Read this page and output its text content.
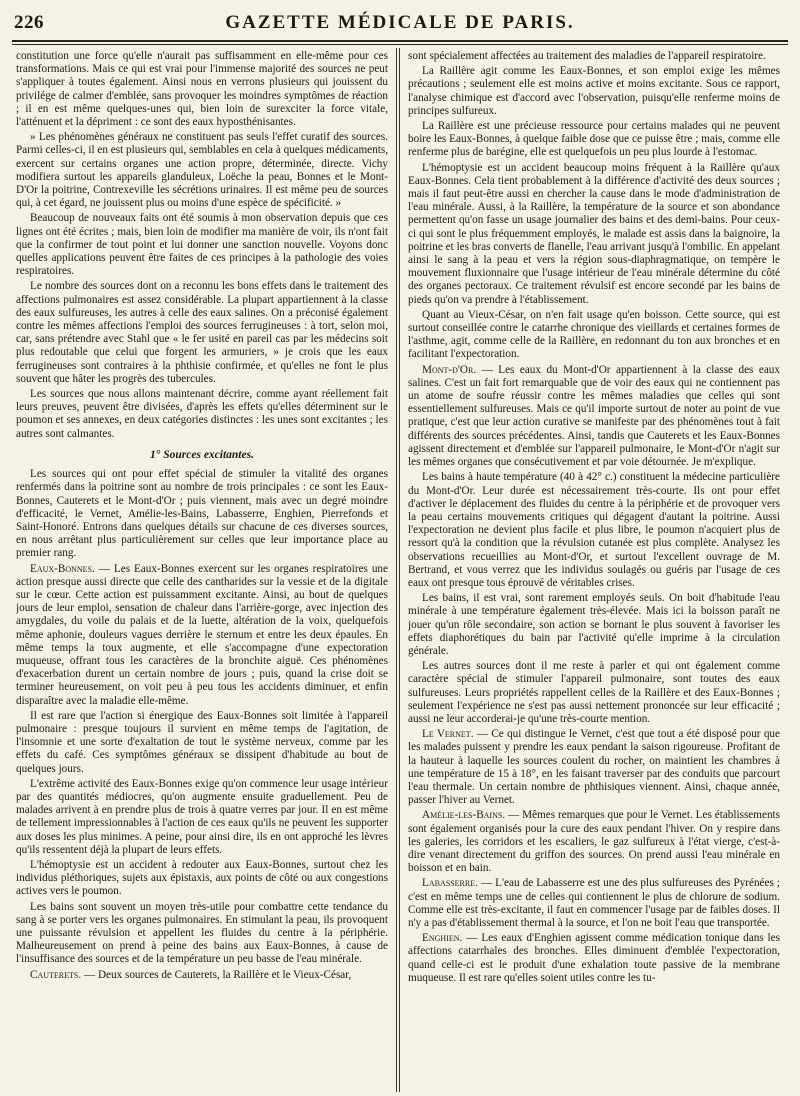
226	GAZETTE MÉDICALE DE PARIS.

constitution une force qu'elle n'aurait pas suffisamment en elle-même pour ces transformations. Mais ce qui est vrai pour l'immense majorité des sources ne peut s'appliquer à toutes également. Ainsi nous en verrons plusieurs qui jouissent du privilége de calmer d'emblée, sans provoquer les moindres symptômes de réaction ; il en est même quelques-unes qui, bien loin de surexciter la force vitale, l'atténuent et la dépriment : ce sont des eaux hyposthénisantes.

» Les phénomènes généraux ne constituent pas seuls l'effet curatif des sources. Parmi celles-ci, il en est plusieurs qui, semblables en cela à quelques médicaments, exercent sur certains organes une action propre, déterminée, directe. Vichy modifiera surtout les appareils glanduleux, Loëche la peau, Bonnes et le Mont-D'Or la poitrine, Contrexeville les sécrétions urinaires. Il est même peu de sources qui, à cet égard, ne jouissent plus ou moins d'une espèce de spécificité. »

Beaucoup de nouveaux faits ont été soumis à mon observation depuis que ces lignes ont été écrites ; mais, bien loin de modifier ma manière de voir, ils n'ont fait que la confirmer de tout point et lui donner une sanction nouvelle. Voyons donc quelles applications peuvent être faites de ces principes à la pathologie des voies respiratoires.

Le nombre des sources dont on a reconnu les bons effets dans le traitement des affections pulmonaires est assez considérable. La plupart appartiennent à la classe des eaux sulfureuses, les autres à celle des eaux salines. On a préconisé également contre les mêmes affections l'emploi des sources ferrugineuses : à tort, selon moi, car, sans prétendre avec Stahl que « le fer usité en pareil cas par les médecins soit plus redoutable que celui que forgent les armuriers, » je crois que les eaux ferrugineuses sont contraires à la phthisie confirmée, et qu'elles ne font le plus souvent que hâter les progrès des tubercules.

Les sources que nous allons maintenant décrire, comme ayant réellement fait leurs preuves, peuvent être divisées, d'après les effets qu'elles déterminent sur le poumon et ses annexes, en deux catégories distinctes : les unes sont excitantes ; les autres sont calmantes.

1° Sources excitantes.

Les sources qui ont pour effet spécial de stimuler la vitalité des organes renfermés dans la poitrine sont au nombre de trois principales : ce sont les Eaux-Bonnes, Cauterets et le Mont-d'Or ; puis viennent, mais avec un degré moindre d'efficacité, le Vernet, Amélie-les-Bains, Labasserre, Enghien, Pierrefonds et Saint-Honoré. Entrons dans quelques détails sur chacune de ces diverses sources, en nous arrêtant plus particulièrement sur celles que leur importance place au premier rang.

Eaux-Bonnes. — Les Eaux-Bonnes exercent sur les organes respiratoires une action presque aussi directe que celle des cantharides sur la vessie et de la digitale sur le cœur. Cette action est puissamment excitante. Ainsi, au bout de quelques jours de leur emploi, sensation de chaleur dans l'arrière-gorge, avec injection des amygdales, du voile du palais et de la luette, altération de la voix, quelquefois même aphonie, douleurs vagues derrière le sternum et entre les deux épaules. En même temps la toux augmente, et elle s'accompagne d'une expectoration muqueuse, offrant tous les caractères de la bronchite aiguë. Ces phénomènes d'exacerbation durent un certain nombre de jours ; puis, quand la crise doit se terminer heureusement, on voit peu à peu tous les accidents diminuer, et enfin disparaître avec la maladie elle-même.

Il est rare que l'action si énergique des Eaux-Bonnes soit limitée à l'appareil pulmonaire : presque toujours il survient en même temps de l'agitation, de l'insomnie et une sorte d'exaltation de tout le système nerveux, comme par les effets du café. Ces symptômes généraux se dissipent d'habitude au bout de quelques jours.

L'extrême activité des Eaux-Bonnes exige qu'on commence leur usage intérieur par des quantités médiocres, qu'on augmente ensuite graduellement. Peu de malades arrivent à en prendre plus de trois à quatre verres par jour. Il en est même de tellement impressionnables à l'action de ces eaux qu'ils ne peuvent les supporter aux doses les plus minimes. A peine, pour ainsi dire, ils en ont approché les lèvres qu'ils ressentent déjà la plupart de leurs effets.

L'hémoptysie est un accident à redouter aux Eaux-Bonnes, surtout chez les individus pléthoriques, sujets aux épistaxis, aux points de côté ou aux congestions actives vers le poumon.

Les bains sont souvent un moyen très-utile pour combattre cette tendance du sang à se porter vers les organes pulmonaires. En stimulant la peau, ils provoquent une puissante révulsion et appellent les fluides du centre à la périphérie. Malheureusement on prend à peine des bains aux Eaux-Bonnes, à cause de l'insuffisance des sources et de la température un peu basse de l'eau minérale.

Cauterets. — Deux sources de Cauterets, la Raillère et le Vieux-César,

sont spécialement affectées au traitement des maladies de l'appareil respiratoire.

La Raillère agit comme les Eaux-Bonnes, et son emploi exige les mêmes précautions ; seulement elle est moins active et moins excitante. Sous ce rapport, l'analyse chimique est d'accord avec l'observation, puisqu'elle renferme moins de principes sulfureux.

La Raillère est une précieuse ressource pour certains malades qui ne peuvent boire les Eaux-Bonnes, à quelque faible dose que ce puisse être ; mais, comme elle renferme plus de barégine, elle est quelquefois un peu plus lourde à l'estomac.

L'hémoptysie est un accident beaucoup moins fréquent à la Raillère qu'aux Eaux-Bonnes. Cela tient probablement à la différence d'activité des deux sources ; mais il faut peut-être aussi en chercher la cause dans le mode d'administration de l'eau minérale. Aussi, à la Raillère, la température de la source et son abondance permettent qu'on fasse un usage journalier des bains et des demi-bains. Pour ceux-ci qui sont le plus fréquemment employés, le malade est assis dans la baignoire, la poitrine et les bras converts de flanelle, l'eau arrivant jusqu'à l'ombilic. En appelant ainsi le sang à la peau et vers la région sous-diaphragmatique, on tempère le mouvement fluxionnaire que l'usage intérieur de l'eau minérale détermine du côté des organes pectoraux. Ce traitement révulsif est encore secondé par les bains de pieds qu'on va prendre à l'établissement.

Quant au Vieux-César, on n'en fait usage qu'en boisson. Cette source, qui est surtout conseillée contre le catarrhe chronique des vieillards et certaines formes de l'asthme, agit, comme celle de la Raillère, en redonnant du ton aux bronches et en facilitant l'expectoration.

Mont-d'Or. — Les eaux du Mont-d'Or appartiennent à la classe des eaux salines. C'est un fait fort remarquable que de voir des eaux qui ne contiennent pas un atome de soufre réussir contre les mêmes maladies que celles qui sont essentiellement sulfureuses. Mais ce qu'il importe surtout de noter au point de vue pratique, c'est que leur action curative se manifeste par des phénomènes tout à fait différents des sources précédentes. Ainsi, tandis que Cauterets et les Eaux-Bonnes agissent directement et d'emblée sur l'appareil pulmonaire, le Mont-d'Or n'agit sur les mêmes organes que consécutivement et par voie détournée. Je m'explique.

Les bains à haute température (40 à 42° c.) constituent la médecine particulière du Mont-d'Or. Leur durée est nécessairement très-courte. Ils ont pour effet d'activer le déplacement des fluides du centre à la périphérie et de provoquer vers la peau certains mouvements critiques qui dégagent d'autant la poitrine. Aussi l'expectoration ne devient plus facile et plus libre, le poumon n'acquiert plus de ressort qu'à la condition que la révulsion cutanée est plus complète. Analysez les observations recueillies au Mont-d'Or, et surtout l'excellent ouvrage de M. Bertrand, et vous verrez que les individus soulagés ou guéris par l'usage de ces eaux ont presque tous éprouvé de véritables crises.

Les bains, il est vrai, sont rarement employés seuls. On boit d'habitude l'eau minérale à une température également très-élevée. Mais ici la boisson paraît ne jouer qu'un rôle secondaire, son action se bornant le plus souvent à favoriser les effets diaphorétiques du bain par l'activité qu'elle imprime à la circulation générale.

Les autres sources dont il me reste à parler et qui ont également comme caractère spécial de stimuler l'appareil pulmonaire, sont toutes des eaux sulfureuses. Leurs propriétés rappellent celles de la Raillère et des Eaux-Bonnes ; seulement l'expérience ne s'est pas aussi nettement prononcée sur leur efficacité ; aussi ne leur accorderai-je qu'une très-courte mention.

Le Vernet. — Ce qui distingue le Vernet, c'est que tout a été disposé pour que les malades puissent y prendre les eaux pendant la saison rigoureuse. Profitant de la hauteur à laquelle les sources coulent du rocher, on maintient les chambres à une température de 15 à 18°, en les faisant traverser par des conduits que parcourt l'eau thermale. Un certain nombre de phthisiques viennent. Ainsi, chaque année, passer l'hiver au Vernet.

Amélie-les-Bains. — Mêmes remarques que pour le Vernet. Les établissements sont également organisés pour la cure des eaux pendant l'hiver. On y respire dans les galeries, les corridors et les escaliers, le gaz sulfureux à l'état vierge, c'est-à-dire venant directement du griffon des sources. On prend aussi l'eau minérale en boisson et en bain.

Labasserre. — L'eau de Labasserre est une des plus sulfureuses des Pyrénées ; c'est en même temps une de celles qui contiennent le plus de chlorure de sodium. Comme elle est très-excitante, il faut en commencer l'usage par de faibles doses. Il n'y a pas d'établissement thermal à la source, et l'on ne boit l'eau que transportée.

Enghien. — Les eaux d'Enghien agissent comme médication tonique dans les affections catarrhales des bronches. Elles diminuent d'emblée l'expectoration, quand celle-ci est le produit d'une exhalation toute passive de la membrane muqueuse. Il est rare qu'elles soient utiles contre les tu-
